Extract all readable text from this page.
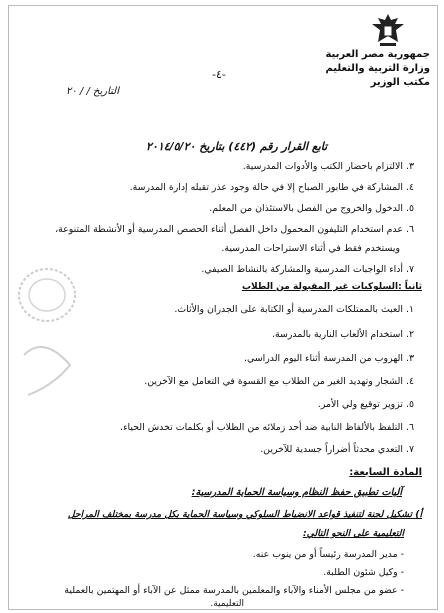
جمهورية مصر العربية
وزارة التربية والتعليم
مكتب الوزير
-٤-
التاريخ / / ٢٠
تابع القرار رقم (٤٤٢) بتاريخ ٢٠١٤/٥/٢٠
٣. الالتزام باحضار الكتب والأدوات المدرسية.
٤. المشاركة في طابور الصباح إلا في حالة وجود عذر تقبله إدارة المدرسة.
٥. الدخول والخروج من الفصل بالاستئذان من المعلم.
٦. عدم استخدام التليفون المحمول داخل الفصل أثناء الحصص المدرسية أو الأنشطة المتنوعة،
ويستخدم فقط في أثناء الاستراحات المدرسية.
٧. أداء الواجبات المدرسية والمشاركة بالنشاط الصيفي.
ثانياً :السلوكيات غير المقبولة من الطلاب
١. العبث بالممتلكات المدرسية أو الكتابة على الجدران والأثاث.
٢. استخدام الألعاب النارية بالمدرسة.
٣. الهروب من المدرسة أثناء اليوم الدراسي.
٤. الشجار وتهديد الغير من الطلاب مع القسوة في التعامل مع الآخرين.
٥. تزوير توقيع ولي الأمر.
٦. التلفظ بالألفاظ النابية ضد أحد زملائه من الطلاب أو بكلمات تخدش الحياء.
٧. التعدي محدثاً أضراراً جسدية للآخرين.
المادة السابعة:
آليات تطبيق حفظ النظام وسياسة الحماية المدرسية:
أ) تشكيل لجنة لتنفيذ قواعد الانضباط السلوكي وسياسة الحماية بكل مدرسة بمختلف المراحل
التعليمية على النحو التالي:
- مدير المدرسة رئيساً أو من ينوب عنه.
- وكيل شئون الطلبة.
- عضو من مجلس الأمناء والآباء والمعلمين بالمدرسة ممثل عن الآباء أو المهتمين بالعملية
التعليمية.
